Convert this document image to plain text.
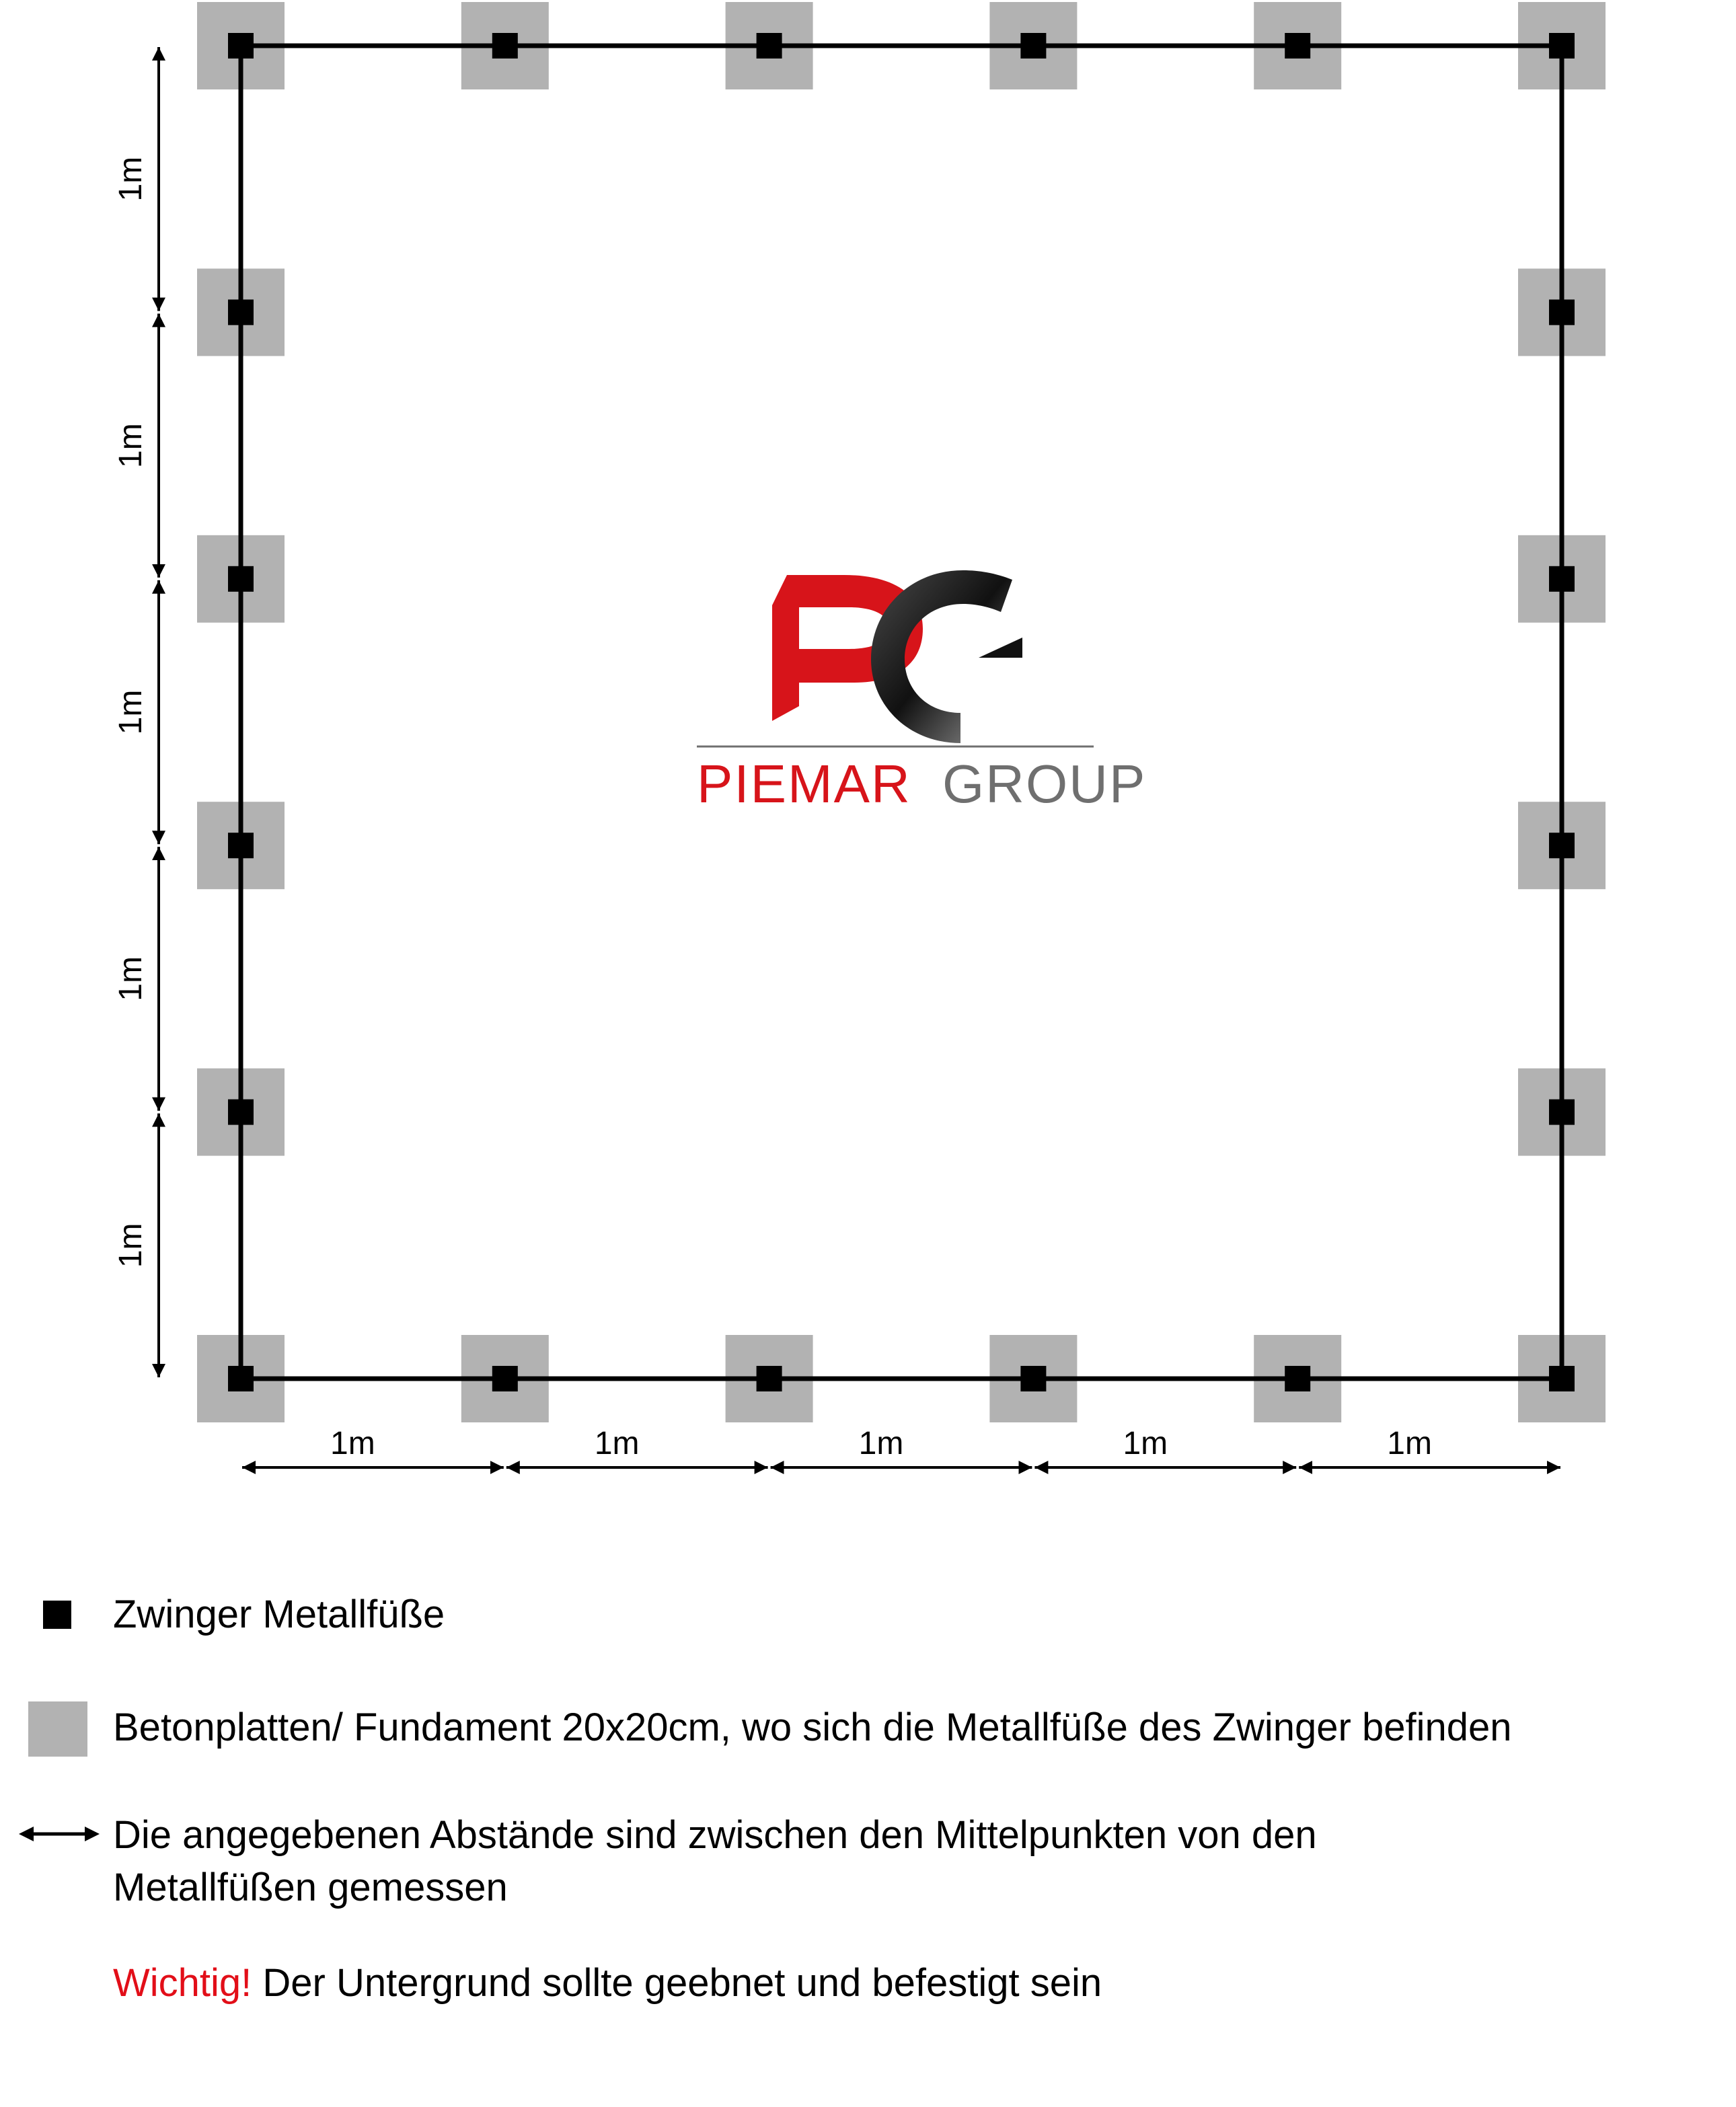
1m
1m
1m
1m
1m
1m	1m	1m	1m	1m
PIEMAR GROUP
Zwinger Metallfüße
Betonplatten/ Fundament 20x20cm, wo sich die Metallfüße des Zwinger befinden
Die angegebenen Abstände sind zwischen den Mittelpunkten von den
Metallfüßen gemessen
Wichtig! Der Untergrund sollte geebnet und befestigt sein
